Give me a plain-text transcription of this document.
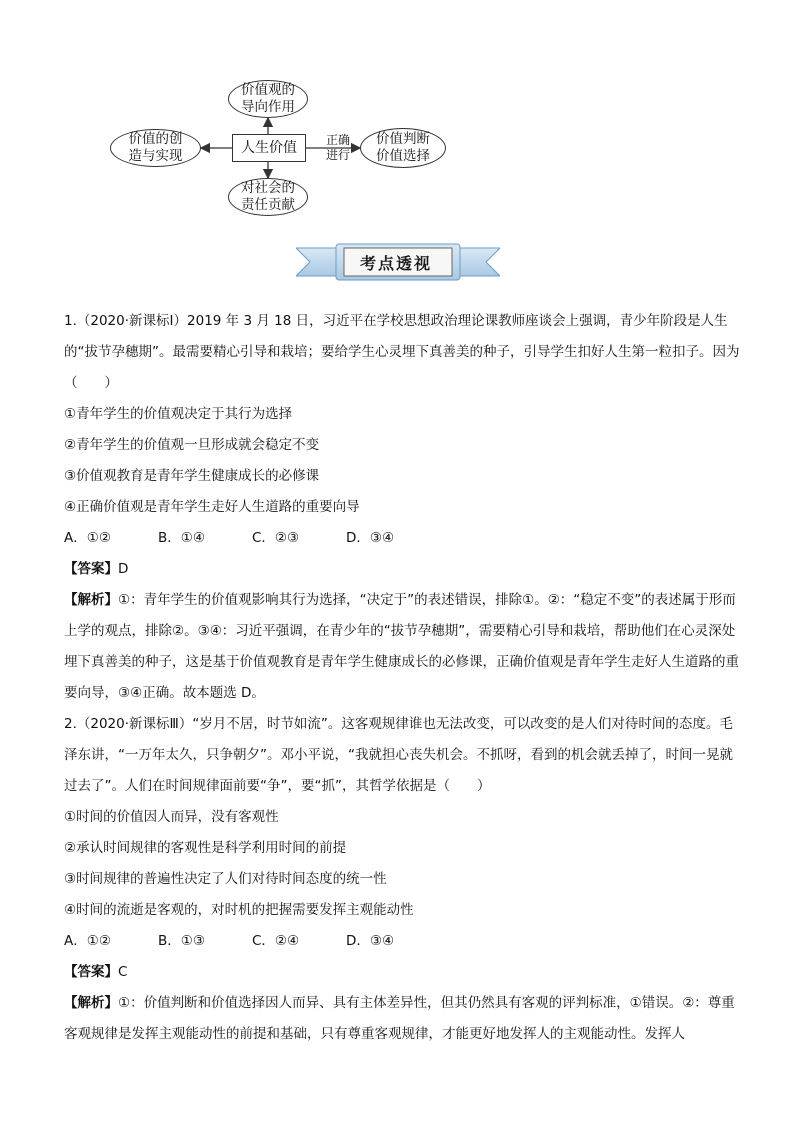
价值观的
导向作用
人生价值
价值的创
造与实现
价值判断
价值选择
对社会的
责任贡献
正确
进行
考点透视

1.（2020·新课标Ⅰ）2019 年 3 月 18 日，习近平在学校思想政治理论课教师座谈会上强调，青少年阶段是人生的“拔节孕穗期”。最需要精心引导和栽培；要给学生心灵埋下真善美的种子，引导学生扣好人生第一粒扣子。因为（　　）

①青年学生的价值观决定于其行为选择

②青年学生的价值观一旦形成就会稳定不变

③价值观教育是青年学生健康成长的必修课

④正确价值观是青年学生走好人生道路的重要向导

A．①②	B．①④	C．②③	D．③④

【答案】D

【解析】①：青年学生的价值观影响其行为选择，“决定于”的表述错误，排除①。②：“稳定不变”的表述属于形而上学的观点，排除②。③④：习近平强调，在青少年的“拔节孕穗期”，需要精心引导和栽培，帮助他们在心灵深处埋下真善美的种子，这是基于价值观教育是青年学生健康成长的必修课，正确价值观是青年学生走好人生道路的重要向导，③④正确。故本题选 D。

2.（2020·新课标Ⅲ）“岁月不居，时节如流”。这客观规律谁也无法改变，可以改变的是人们对待时间的态度。毛泽东讲，“一万年太久，只争朝夕”。邓小平说，“我就担心丧失机会。不抓呀，看到的机会就丢掉了，时间一晃就过去了”。人们在时间规律面前要“争”，要“抓”，其哲学依据是（　　）

①时间的价值因人而异，没有客观性

②承认时间规律的客观性是科学利用时间的前提

③时间规律的普遍性决定了人们对待时间态度的统一性

④时间的流逝是客观的，对时机的把握需要发挥主观能动性

A．①②	B．①③	C．②④	D．③④

【答案】C

【解析】①：价值判断和价值选择因人而异、具有主体差异性，但其仍然具有客观的评判标准，①错误。②：尊重客观规律是发挥主观能动性的前提和基础，只有尊重客观规律，才能更好地发挥人的主观能动性。发挥人
